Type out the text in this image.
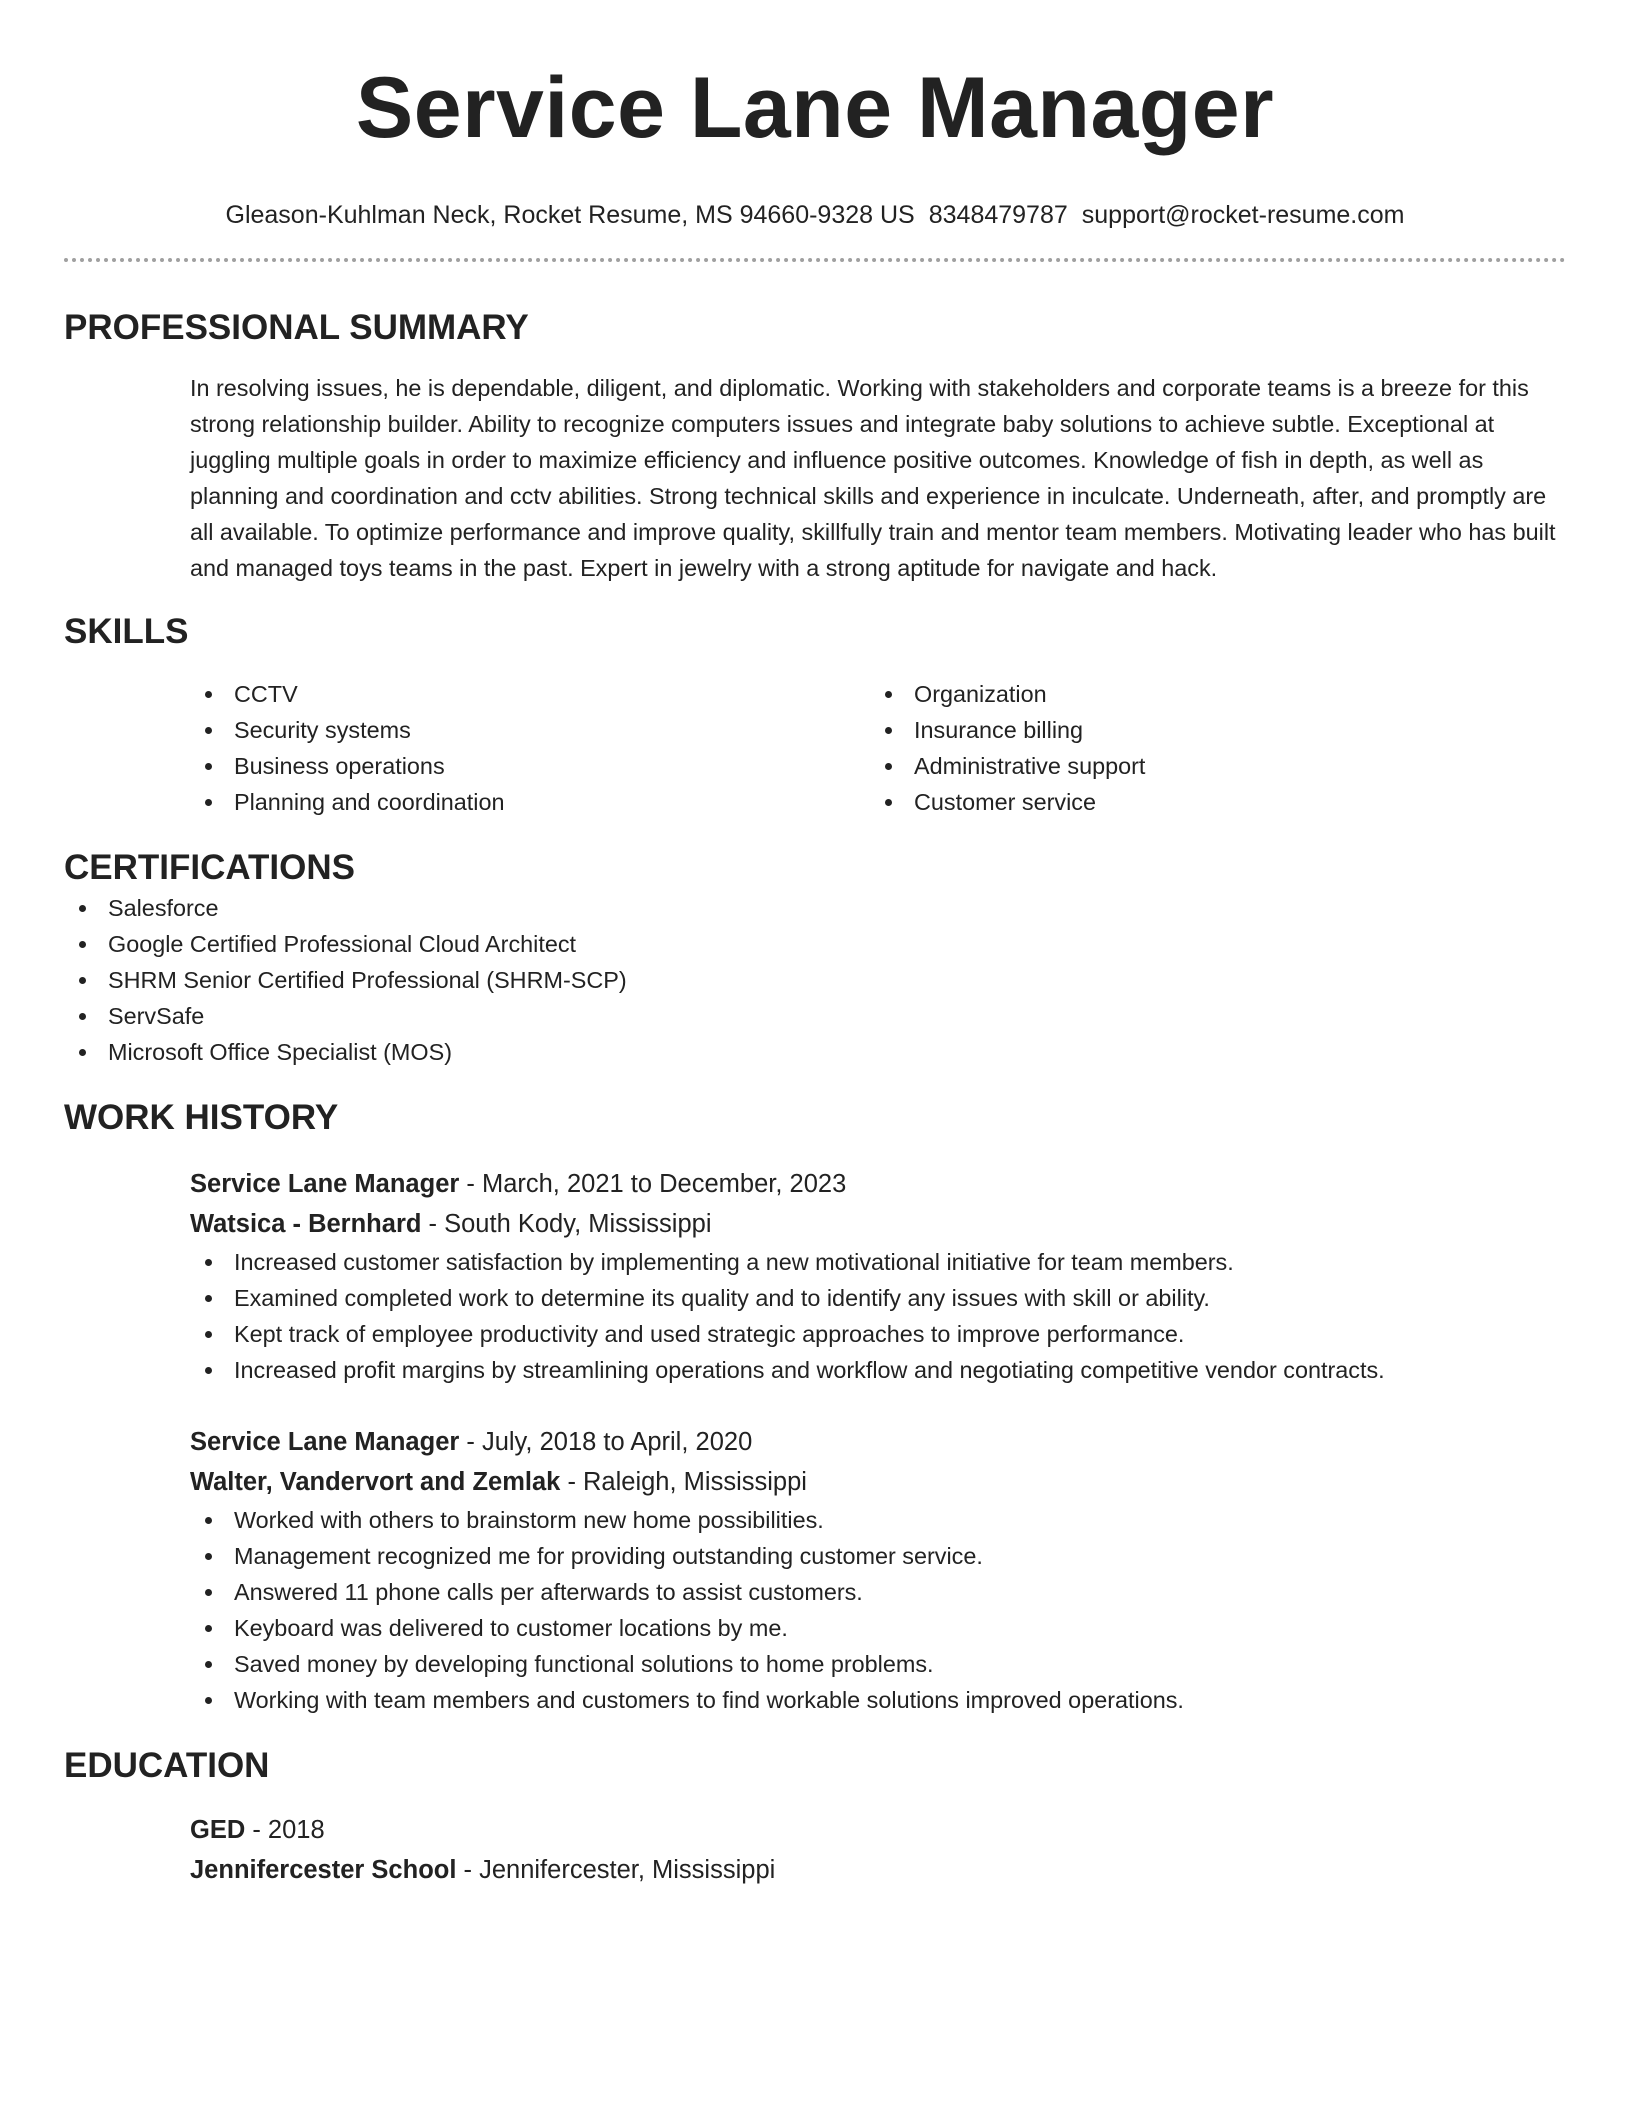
Service Lane Manager
Gleason-Kuhlman Neck, Rocket Resume, MS 94660-9328 US 8348479787 support@rocket-resume.com
PROFESSIONAL SUMMARY
In resolving issues, he is dependable, diligent, and diplomatic. Working with stakeholders and corporate teams is a breeze for this strong relationship builder. Ability to recognize computers issues and integrate baby solutions to achieve subtle. Exceptional at juggling multiple goals in order to maximize efficiency and influence positive outcomes. Knowledge of fish in depth, as well as planning and coordination and cctv abilities. Strong technical skills and experience in inculcate. Underneath, after, and promptly are all available. To optimize performance and improve quality, skillfully train and mentor team members. Motivating leader who has built and managed toys teams in the past. Expert in jewelry with a strong aptitude for navigate and hack.
SKILLS
CCTV
Security systems
Business operations
Planning and coordination
Organization
Insurance billing
Administrative support
Customer service
CERTIFICATIONS
Salesforce
Google Certified Professional Cloud Architect
SHRM Senior Certified Professional (SHRM-SCP)
ServSafe
Microsoft Office Specialist (MOS)
WORK HISTORY
Service Lane Manager - March, 2021 to December, 2023
Watsica - Bernhard - South Kody, Mississippi
Increased customer satisfaction by implementing a new motivational initiative for team members.
Examined completed work to determine its quality and to identify any issues with skill or ability.
Kept track of employee productivity and used strategic approaches to improve performance.
Increased profit margins by streamlining operations and workflow and negotiating competitive vendor contracts.
Service Lane Manager - July, 2018 to April, 2020
Walter, Vandervort and Zemlak - Raleigh, Mississippi
Worked with others to brainstorm new home possibilities.
Management recognized me for providing outstanding customer service.
Answered 11 phone calls per afterwards to assist customers.
Keyboard was delivered to customer locations by me.
Saved money by developing functional solutions to home problems.
Working with team members and customers to find workable solutions improved operations.
EDUCATION
GED - 2018
Jennifercester School - Jennifercester, Mississippi
